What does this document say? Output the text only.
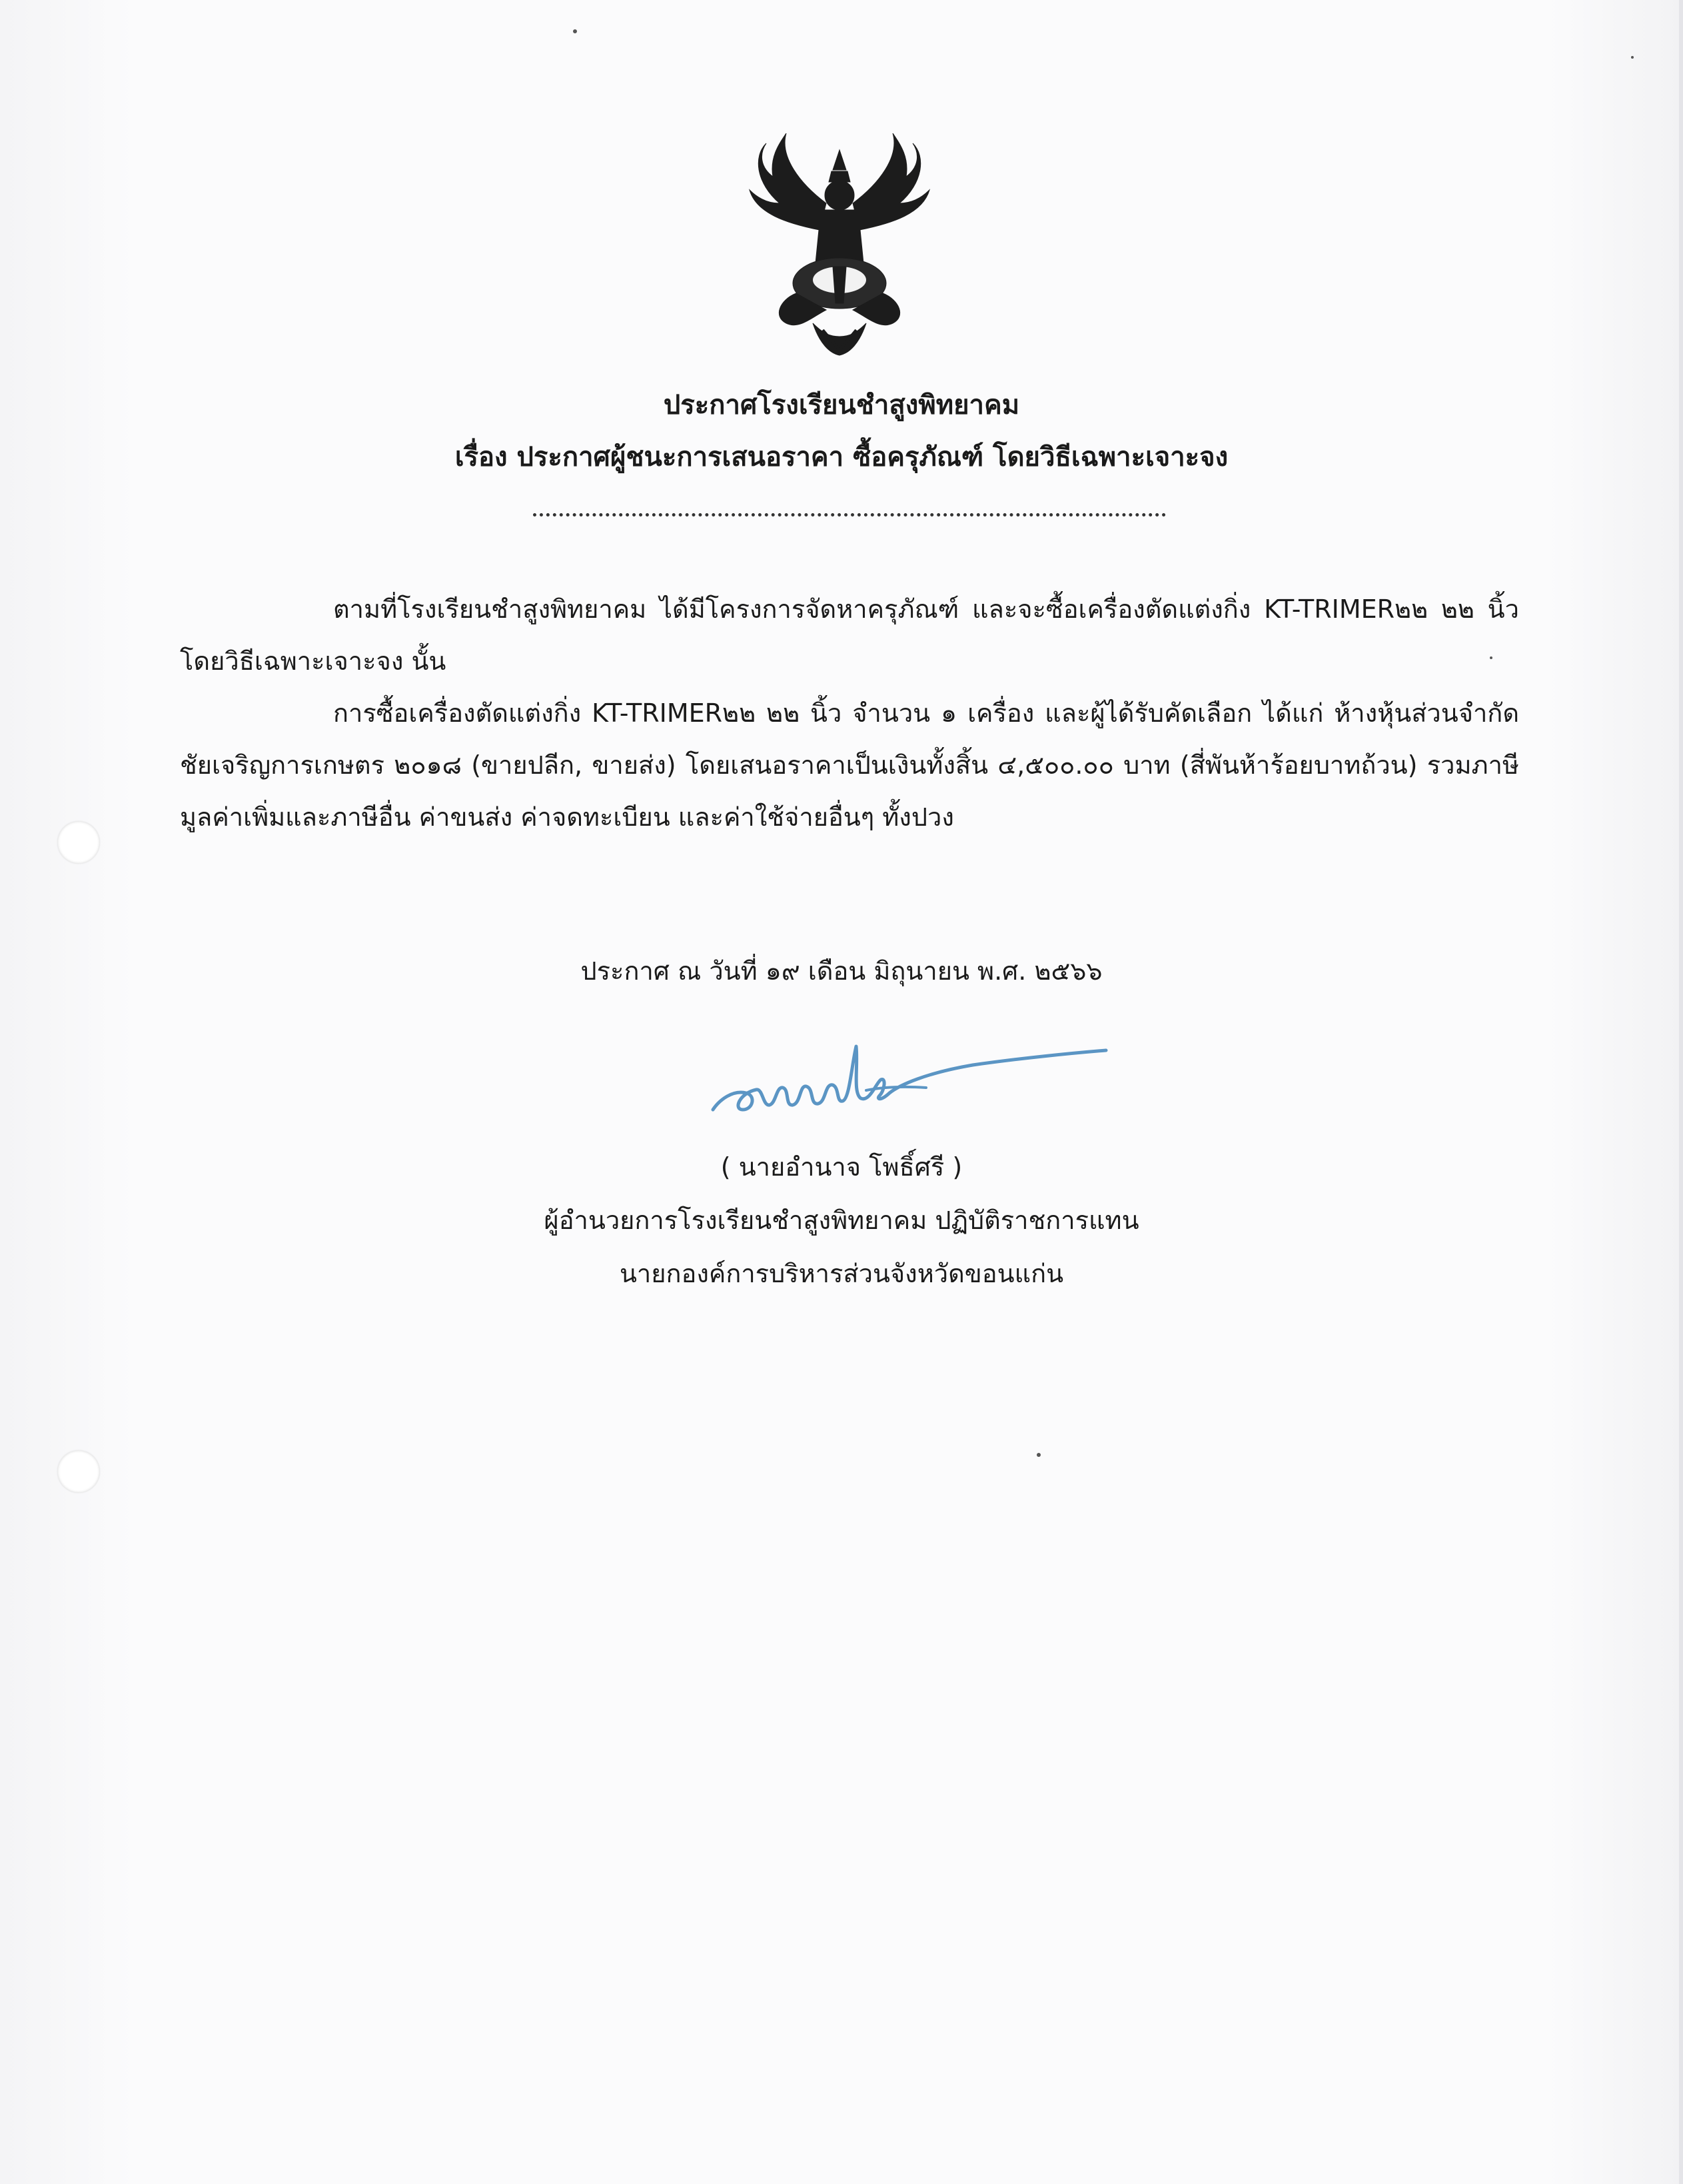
ประกาศโรงเรียนชำสูงพิทยาคม
เรื่อง ประกาศผู้ชนะการเสนอราคา ซื้อครุภัณฑ์ โดยวิธีเฉพาะเจาะจง
ตามที่โรงเรียนชำสูงพิทยาคม ได้มีโครงการจัดหาครุภัณฑ์ และจะซื้อเครื่องตัดแต่งกิ่ง KT-TRIMER๒๒ ๒๒ นิ้ว โดยวิธีเฉพาะเจาะจง นั้น
การซื้อเครื่องตัดแต่งกิ่ง KT-TRIMER๒๒ ๒๒ นิ้ว จำนวน ๑ เครื่อง และผู้ได้รับคัดเลือก ได้แก่ ห้างหุ้นส่วนจำกัด ชัยเจริญการเกษตร ๒๐๑๘ (ขายปลีก, ขายส่ง) โดยเสนอราคาเป็นเงินทั้งสิ้น ๔,๕๐๐.๐๐ บาท (สี่พันห้าร้อยบาทถ้วน) รวมภาษีมูลค่าเพิ่มและภาษีอื่น ค่าขนส่ง ค่าจดทะเบียน และค่าใช้จ่ายอื่นๆ ทั้งปวง
ประกาศ ณ วันที่ ๑๙ เดือน มิถุนายน พ.ศ. ๒๕๖๖
( นายอำนาจ โพธิ์ศรี )
ผู้อำนวยการโรงเรียนชำสูงพิทยาคม ปฏิบัติราชการแทน
นายกองค์การบริหารส่วนจังหวัดขอนแก่น
